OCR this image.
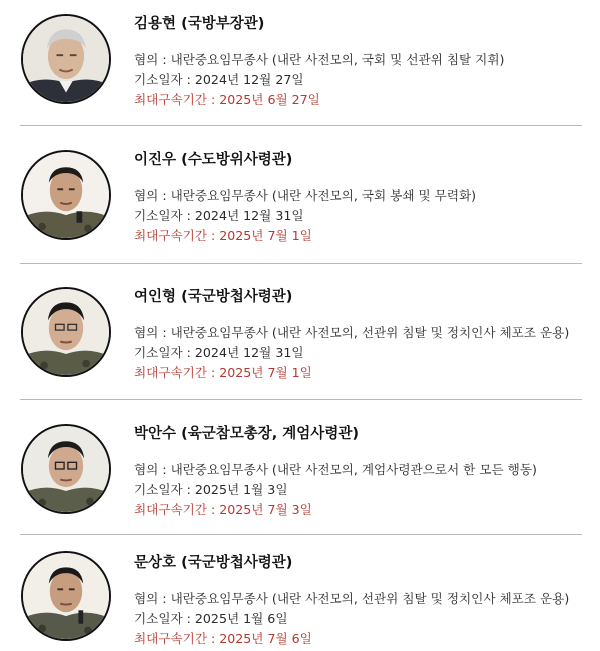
김용현 (국방부장관)
혐의 : 내란중요임무종사 (내란 사전모의, 국회 및 선관위 침탈 지휘)
기소일자 : 2024년 12월 27일
최대구속기간 : 2025년 6월 27일
이진우 (수도방위사령관)
혐의 : 내란중요임무종사 (내란 사전모의, 국회 봉쇄 및 무력화)
기소일자 : 2024년 12월 31일
최대구속기간 : 2025년 7월 1일
여인형 (국군방첩사령관)
혐의 : 내란중요임무종사 (내란 사전모의, 선관위 침탈 및 정치인사 체포조 운용)
기소일자 : 2024년 12월 31일
최대구속기간 : 2025년 7월 1일
박안수 (육군참모총장, 계엄사령관)
혐의 : 내란중요임무종사 (내란 사전모의, 계엄사령관으로서 한 모든 행동)
기소일자 : 2025년 1월 3일
최대구속기간 : 2025년 7월 3일
문상호 (국군방첩사령관)
혐의 : 내란중요임무종사 (내란 사전모의, 선관위 침탈 및 정치인사 체포조 운용)
기소일자 : 2025년 1월 6일
최대구속기간 : 2025년 7월 6일
